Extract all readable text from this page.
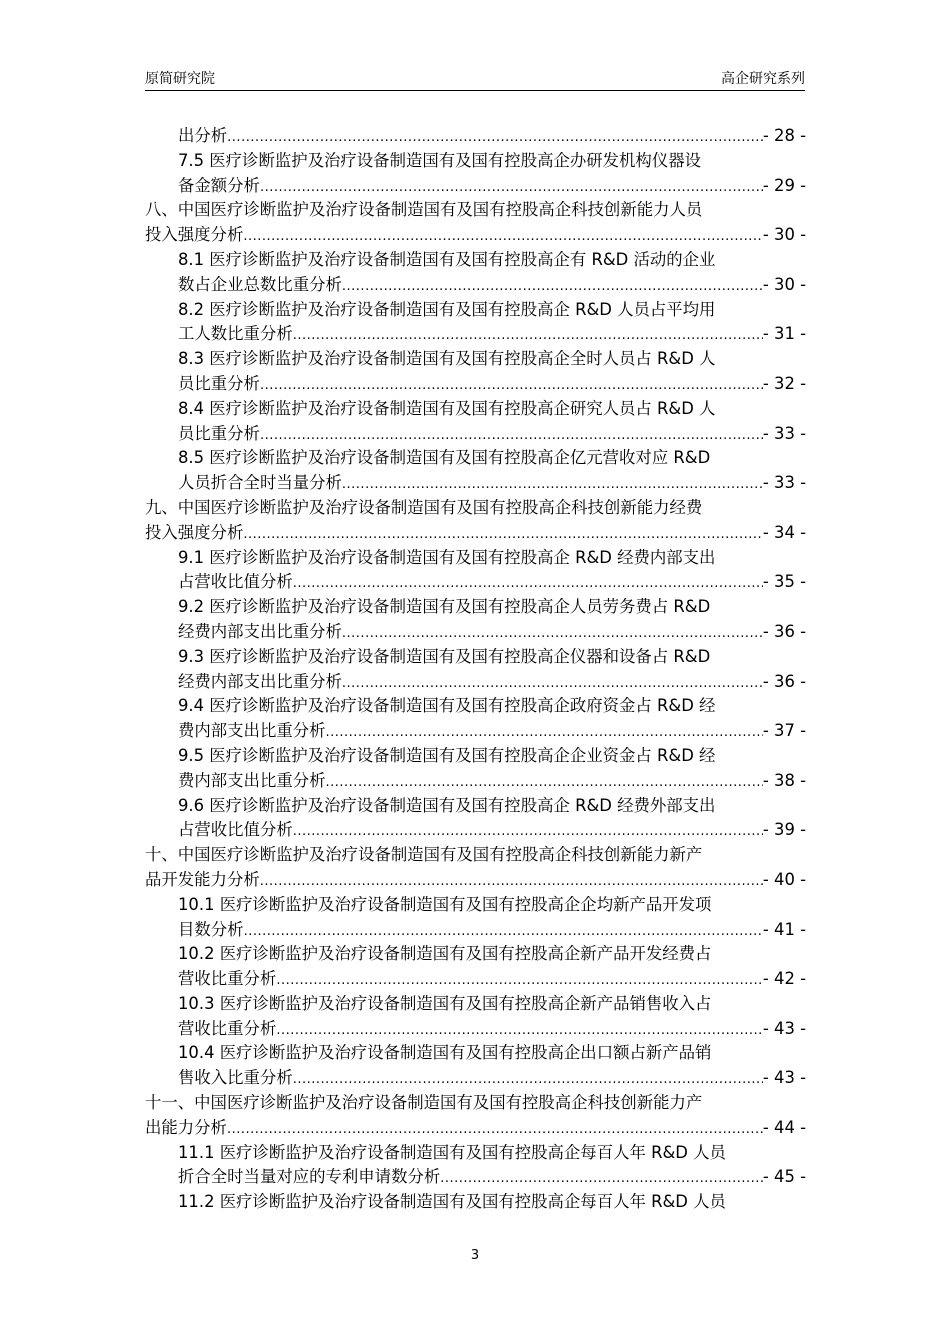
原简研究院	高企研究系列
出分析 .....	- 28 -
7.5 医疗诊断监护及治疗设备制造国有及国有控股高企办研发机构仪器设
备金额分析 .....	- 29 -
八、中国医疗诊断监护及治疗设备制造国有及国有控股高企科技创新能力人员
投入强度分析 .....	- 30 -
8.1 医疗诊断监护及治疗设备制造国有及国有控股高企有 R&D 活动的企业
数占企业总数比重分析 .....	- 30 -
8.2 医疗诊断监护及治疗设备制造国有及国有控股高企 R&D 人员占平均用
工人数比重分析 .....	- 31 -
8.3 医疗诊断监护及治疗设备制造国有及国有控股高企全时人员占 R&D 人
员比重分析 .....	- 32 -
8.4 医疗诊断监护及治疗设备制造国有及国有控股高企研究人员占 R&D 人
员比重分析 .....	- 33 -
8.5 医疗诊断监护及治疗设备制造国有及国有控股高企亿元营收对应 R&D
人员折合全时当量分析 .....	- 33 -
九、中国医疗诊断监护及治疗设备制造国有及国有控股高企科技创新能力经费
投入强度分析 .....	- 34 -
9.1 医疗诊断监护及治疗设备制造国有及国有控股高企 R&D 经费内部支出
占营收比值分析 .....	- 35 -
9.2 医疗诊断监护及治疗设备制造国有及国有控股高企人员劳务费占 R&D
经费内部支出比重分析 .....	- 36 -
9.3 医疗诊断监护及治疗设备制造国有及国有控股高企仪器和设备占 R&D
经费内部支出比重分析 .....	- 36 -
9.4 医疗诊断监护及治疗设备制造国有及国有控股高企政府资金占 R&D 经
费内部支出比重分析 .....	- 37 -
9.5 医疗诊断监护及治疗设备制造国有及国有控股高企企业资金占 R&D 经
费内部支出比重分析 .....	- 38 -
9.6 医疗诊断监护及治疗设备制造国有及国有控股高企 R&D 经费外部支出
占营收比值分析 .....	- 39 -
十、中国医疗诊断监护及治疗设备制造国有及国有控股高企科技创新能力新产
品开发能力分析 .....	- 40 -
10.1 医疗诊断监护及治疗设备制造国有及国有控股高企企均新产品开发项
目数分析 .....	- 41 -
10.2 医疗诊断监护及治疗设备制造国有及国有控股高企新产品开发经费占
营收比重分析 .....	- 42 -
10.3 医疗诊断监护及治疗设备制造国有及国有控股高企新产品销售收入占
营收比重分析 .....	- 43 -
10.4 医疗诊断监护及治疗设备制造国有及国有控股高企出口额占新产品销
售收入比重分析 .....	- 43 -
十一、中国医疗诊断监护及治疗设备制造国有及国有控股高企科技创新能力产
出能力分析 .....	- 44 -
11.1 医疗诊断监护及治疗设备制造国有及国有控股高企每百人年 R&D 人员
折合全时当量对应的专利申请数分析 .....	- 45 -
11.2 医疗诊断监护及治疗设备制造国有及国有控股高企每百人年 R&D 人员
3
